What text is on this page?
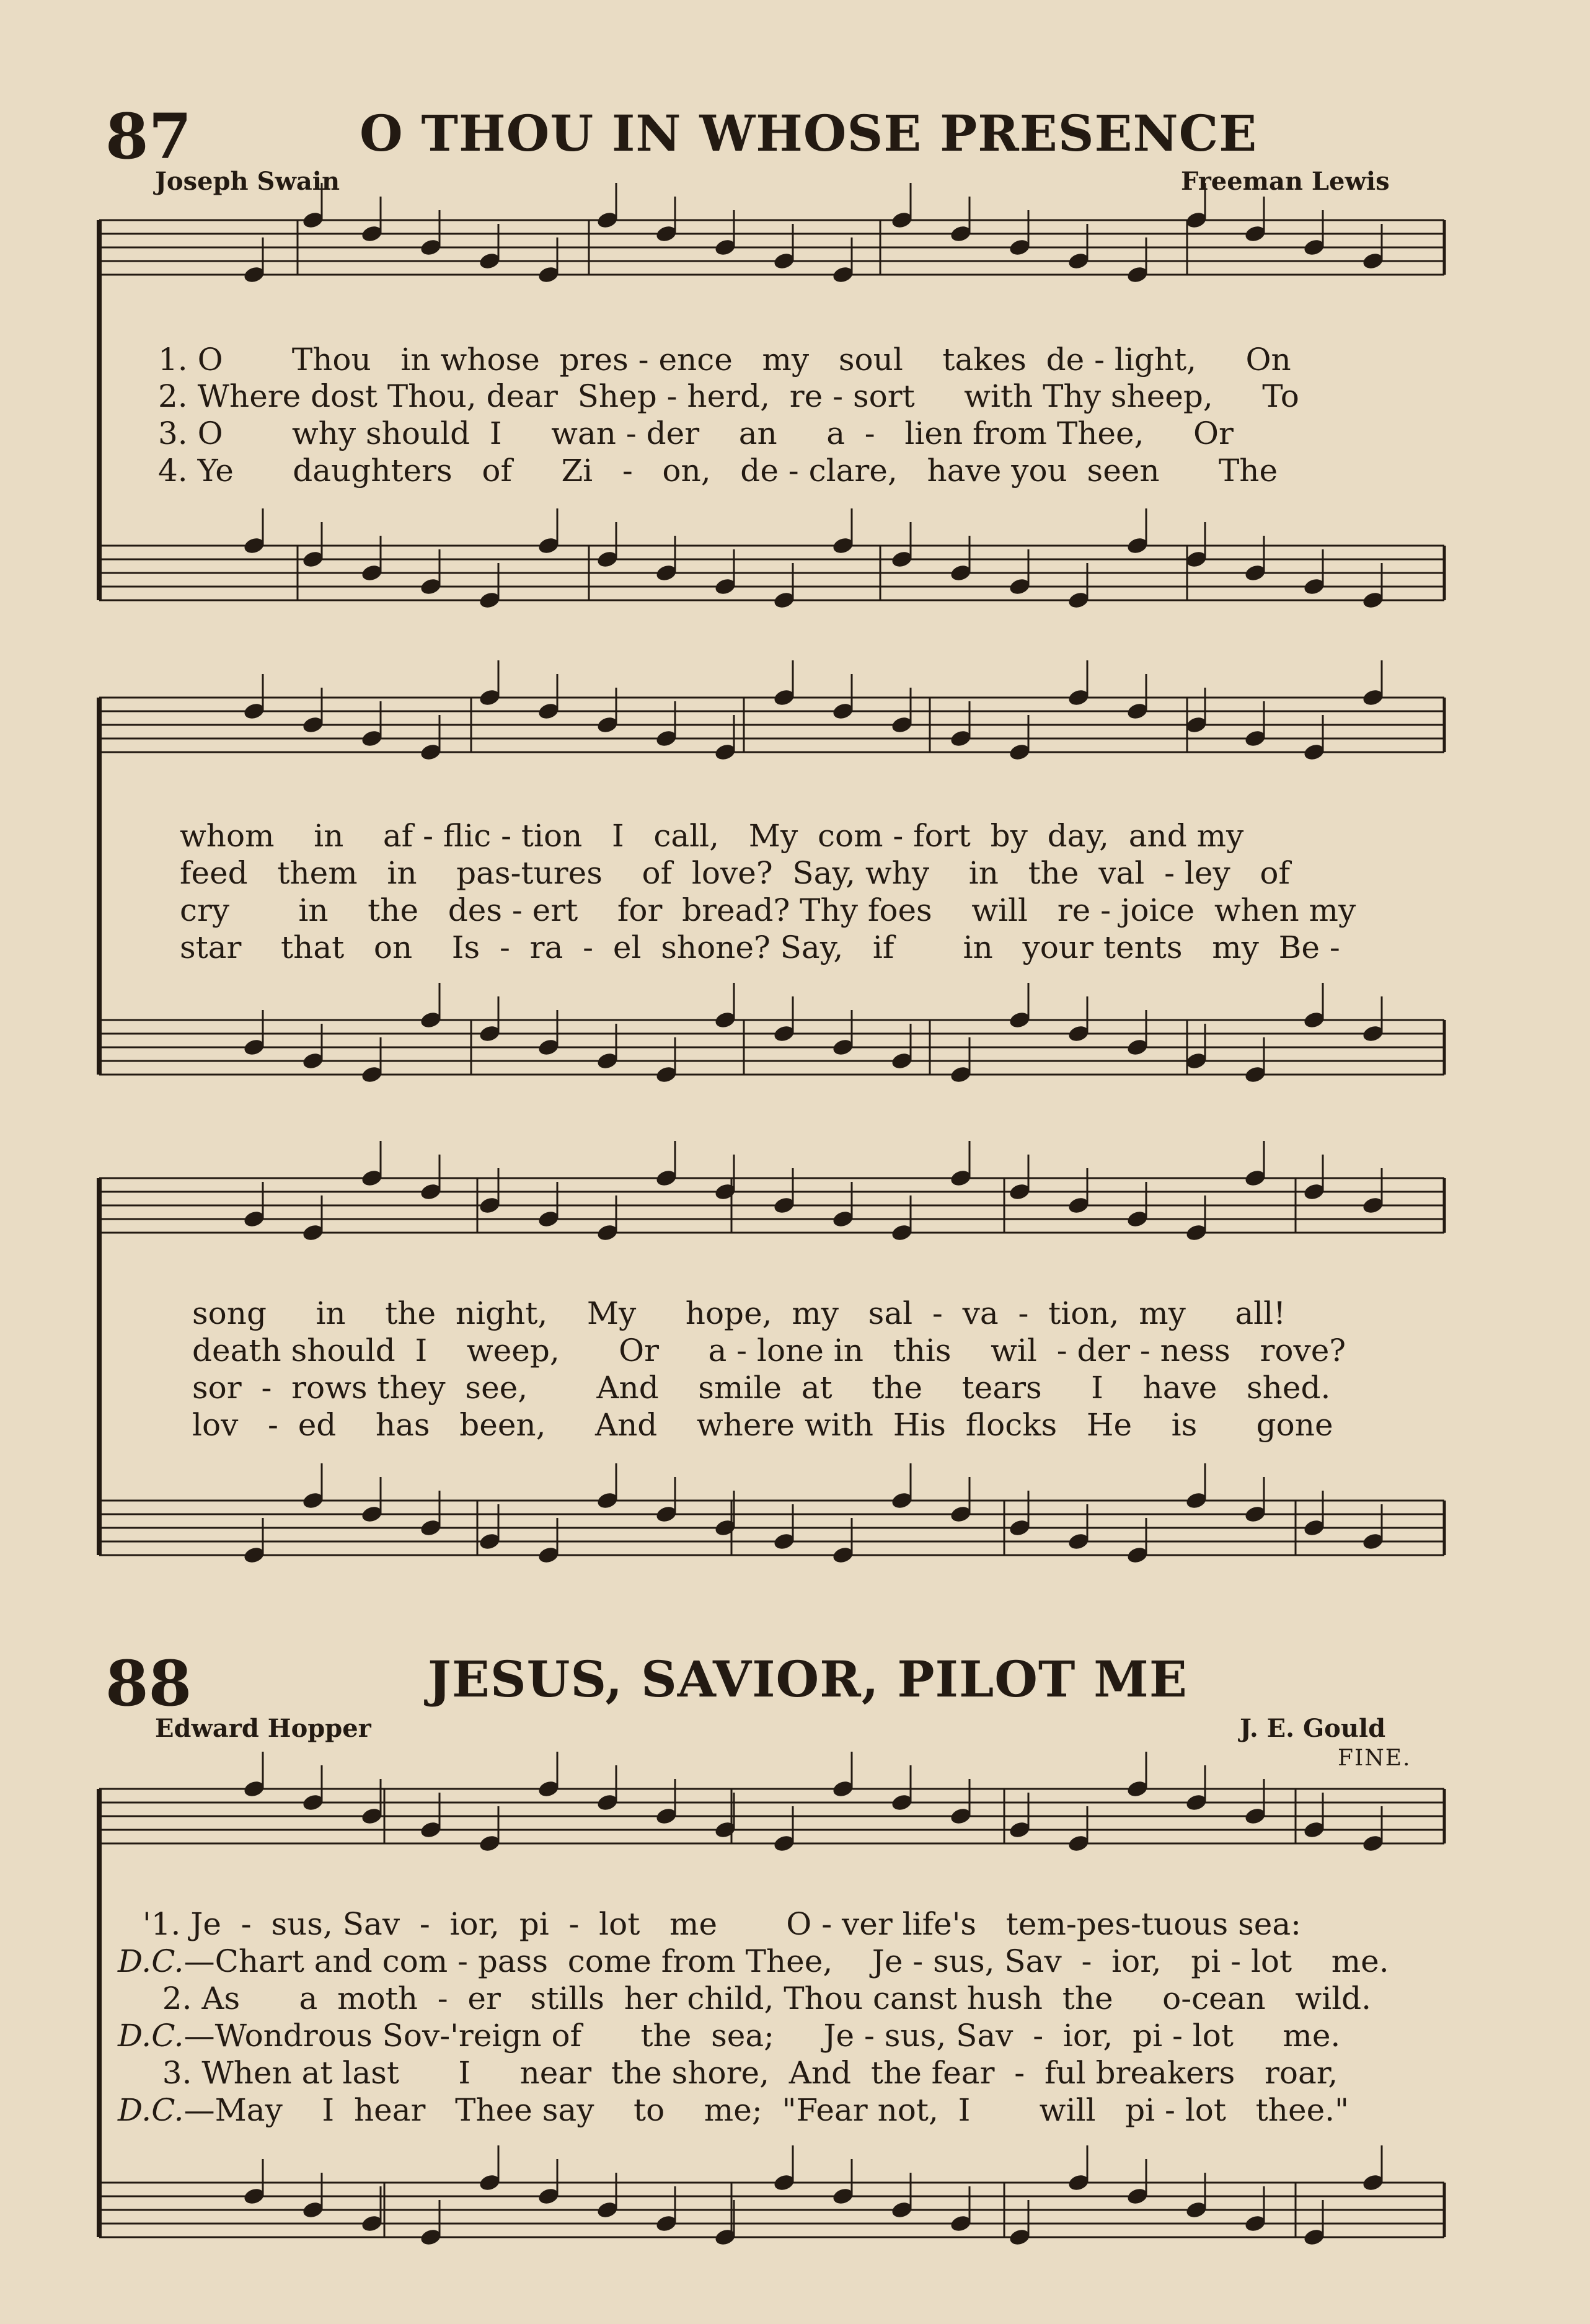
87	O THOU IN WHOSE PRESENCE
Joseph Swain	Freeman Lewis
1. O       Thou   in whose  pres - ence   my   soul    takes  de - light,     On
2. Where dost Thou, dear  Shep - herd,  re - sort     with Thy sheep,     To
3. O       why should  I     wan - der    an     a  -   lien from Thee,     Or
4. Ye      daughters   of     Zi   -   on,   de - clare,   have you  seen      The
whom    in    af - flic - tion   I   call,   My  com - fort  by  day,  and my
feed   them   in    pas-tures    of  love?  Say, why    in   the  val  - ley   of
cry       in    the   des - ert    for  bread? Thy foes    will   re - joice  when my
star    that   on    Is  -  ra  -  el  shone? Say,   if       in   your tents   my  Be -
song     in    the  night,    My     hope,  my   sal  -  va  -  tion,  my     all!
death should  I    weep,      Or     a - lone in   this    wil  - der - ness   rove?
sor  -  rows they  see,       And    smile  at    the    tears     I    have   shed.
lov   -  ed    has   been,     And    where with  His  flocks   He    is      gone
88	JESUS, SAVIOR, PILOT ME
Edward Hopper	J. E. Gould
FINE.
'1. Je  -  sus, Sav  -  ior,  pi  -  lot   me       O - ver life's   tem-pes-tuous sea:
D.C.—Chart and com - pass  come from Thee,    Je - sus, Sav  -  ior,   pi - lot    me.
2. As      a  moth  -  er   stills  her child, Thou canst hush  the     o-cean   wild.
D.C.—Wondrous Sov-'reign of      the  sea;     Je - sus, Sav  -  ior,  pi - lot     me.
3. When at last      I     near  the shore,  And  the fear  -  ful breakers   roar,
D.C.—May    I  hear   Thee say    to    me;  "Fear not,  I       will   pi - lot   thee."
